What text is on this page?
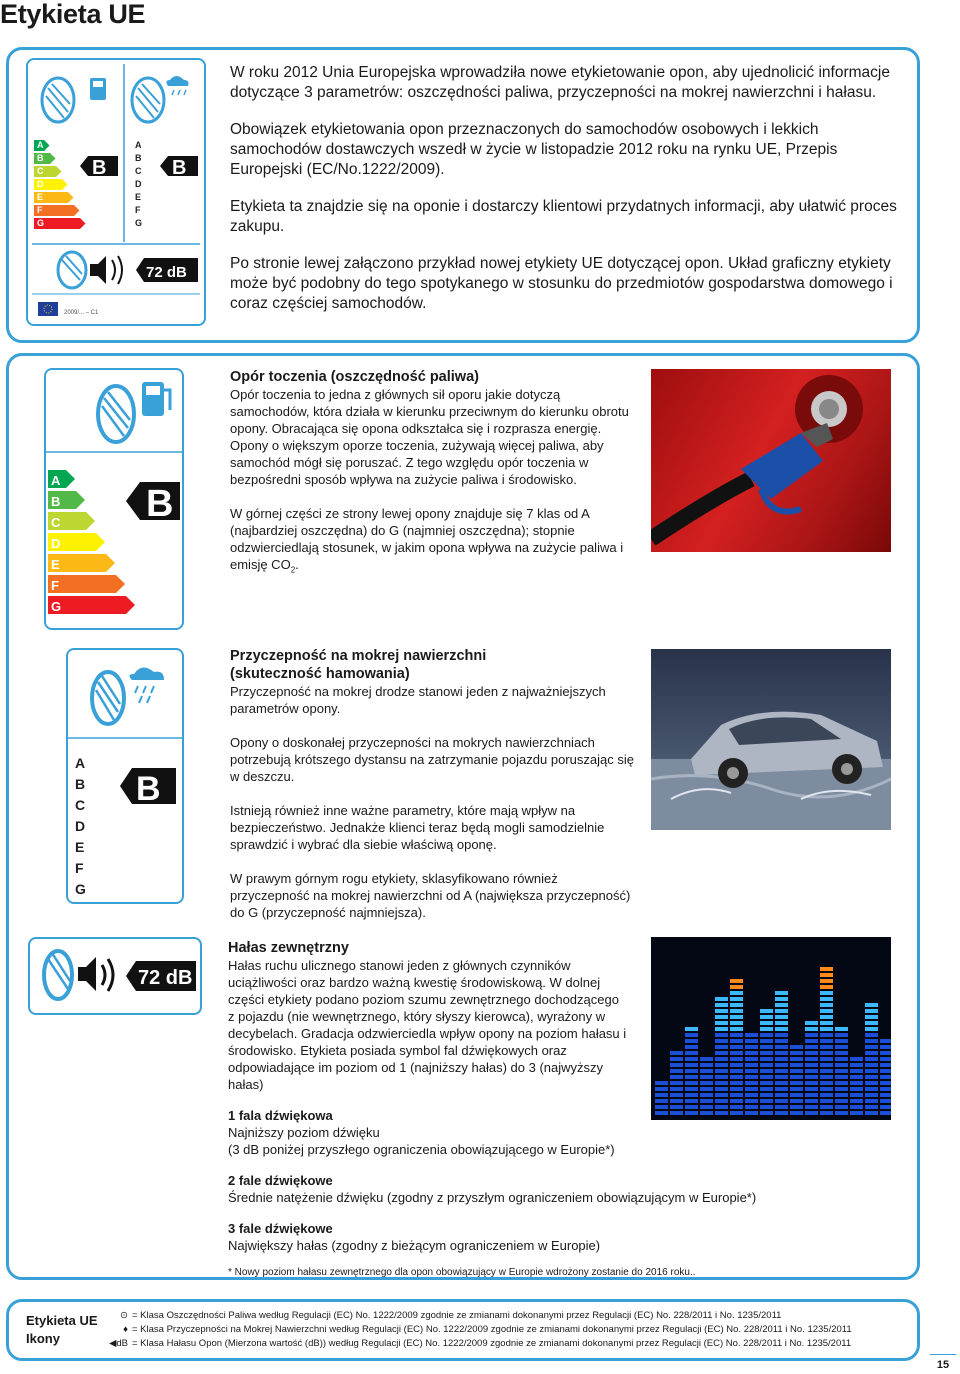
Etykieta UE
A
B
C
D
E
F
G
B
A
B
C
D
E
F
G
B
72 dB
2009/... – C1

W roku 2012 Unia Europejska wprowadziła nowe etykietowanie opon, aby ujednolicić informacje dotyczące 3 parametrów: oszczędności paliwa, przyczepności na mokrej nawierzchni i hałasu.

Obowiązek etykietowania opon przeznaczonych do samochodów osobowych i lekkich samochodów dostawczych wszedł w życie w listopadzie 2012 roku na rynku UE, Przepis Europejski (EC/No.1222/2009).

Etykieta ta znajdzie się na oponie i dostarczy klientowi przydatnych informacji, aby ułatwić proces zakupu.

Po stronie lewej załączono przykład nowej etykiety UE dotyczącej opon. Układ graficzny etykiety może być podobny do tego spotykanego w stosunku do przedmiotów gospodarstwa domowego i coraz częściej samochodów.

A
B
C
D
E
F
G
B
Opór toczenia (oszczędność paliwa)

Opór toczenia to jedna z głównych sił oporu jakie dotyczą samochodów, która działa w kierunku przeciwnym do kierunku obrotu opony. Obracająca się opona odkształca się i rozprasza energię. Opony o większym oporze toczenia, zużywają więcej paliwa, aby samochód mógł się poruszać. Z tego względu opór toczenia w bezpośredni sposób wpływa na zużycie paliwa i środowisko.

W górnej części ze strony lewej opony znajduje się 7 klas od A (najbardziej oszczędna) do G (najmniej oszczędna); stopnie odzwierciedlają stosunek, w jakim opona wpływa na zużycie paliwa i emisję $CO_2$.

A
B
C
D
E
F
G
B
Przyczepność na mokrej nawierzchni
(skuteczność hamowania)

Przyczepność na mokrej drodze stanowi jeden z najważniejszych parametrów opony.

Opony o doskonałej przyczepności na mokrych nawierzchniach potrzebują krótszego dystansu na zatrzymanie pojazdu poruszając się w deszczu.

Istnieją również inne ważne parametry, które mają wpływ na bezpieczeństwo. Jednakże klienci teraz będą mogli samodzielnie sprawdzić i wybrać dla siebie właściwą oponę.

W prawym górnym rogu etykiety, sklasyfikowano również przyczepność na mokrej nawierzchni od A (największa przyczepność) do G (przyczepność najmniejsza).

72 dB
Hałas zewnętrzny

Hałas ruchu ulicznego stanowi jeden z głównych czynników uciążliwości oraz bardzo ważną kwestię środowiskową. W dolnej części etykiety podano poziom szumu zewnętrznego dochodzącego z pojazdu (nie wewnętrznego, który słyszy kierowca), wyrażony w decybelach. Gradacja odzwierciedla wpływ opony na poziom hałasu i środowisko. Etykieta posiada symbol fal dźwiękowych oraz odpowiadające im poziom od 1 (najniższy hałas) do 3 (najwyższy hałas)

1 fala dźwiękowa
Najniższy poziom dźwięku
(3 dB poniżej przyszłego ograniczenia obowiązującego w Europie*)
2 fale dźwiękowe
Średnie natężenie dźwięku (zgodny z przyszłym ograniczeniem obowiązującym w Europie*)
3 fale dźwiękowe
Największy hałas (zgodny z bieżącym ograniczeniem w Europie)

* Nowy poziom hałasu zewnętrznego dla opon obowiązujący w Europie wdrożony zostanie do 2016 roku..

Etykieta UE
Ikony
⊙ = Klasa Oszczędności Paliwa według Regulacji (EC) No. 1222/2009 zgodnie ze zmianami dokonanymi przez Regulacji (EC) No. 228/2011 i No. 1235/2011
♦ = Klasa Przyczepności na Mokrej Nawierzchni według Regulacji (EC) No. 1222/2009 zgodnie ze zmianami dokonanymi przez Regulacji (EC) No. 228/2011 i No. 1235/2011
◀dB = Klasa Hałasu Opon (Mierzona wartość (dB)) według Regulacji (EC) No. 1222/2009 zgodnie ze zmianami dokonanymi przez Regulacji (EC) No. 228/2011 i No. 1235/2011
15
